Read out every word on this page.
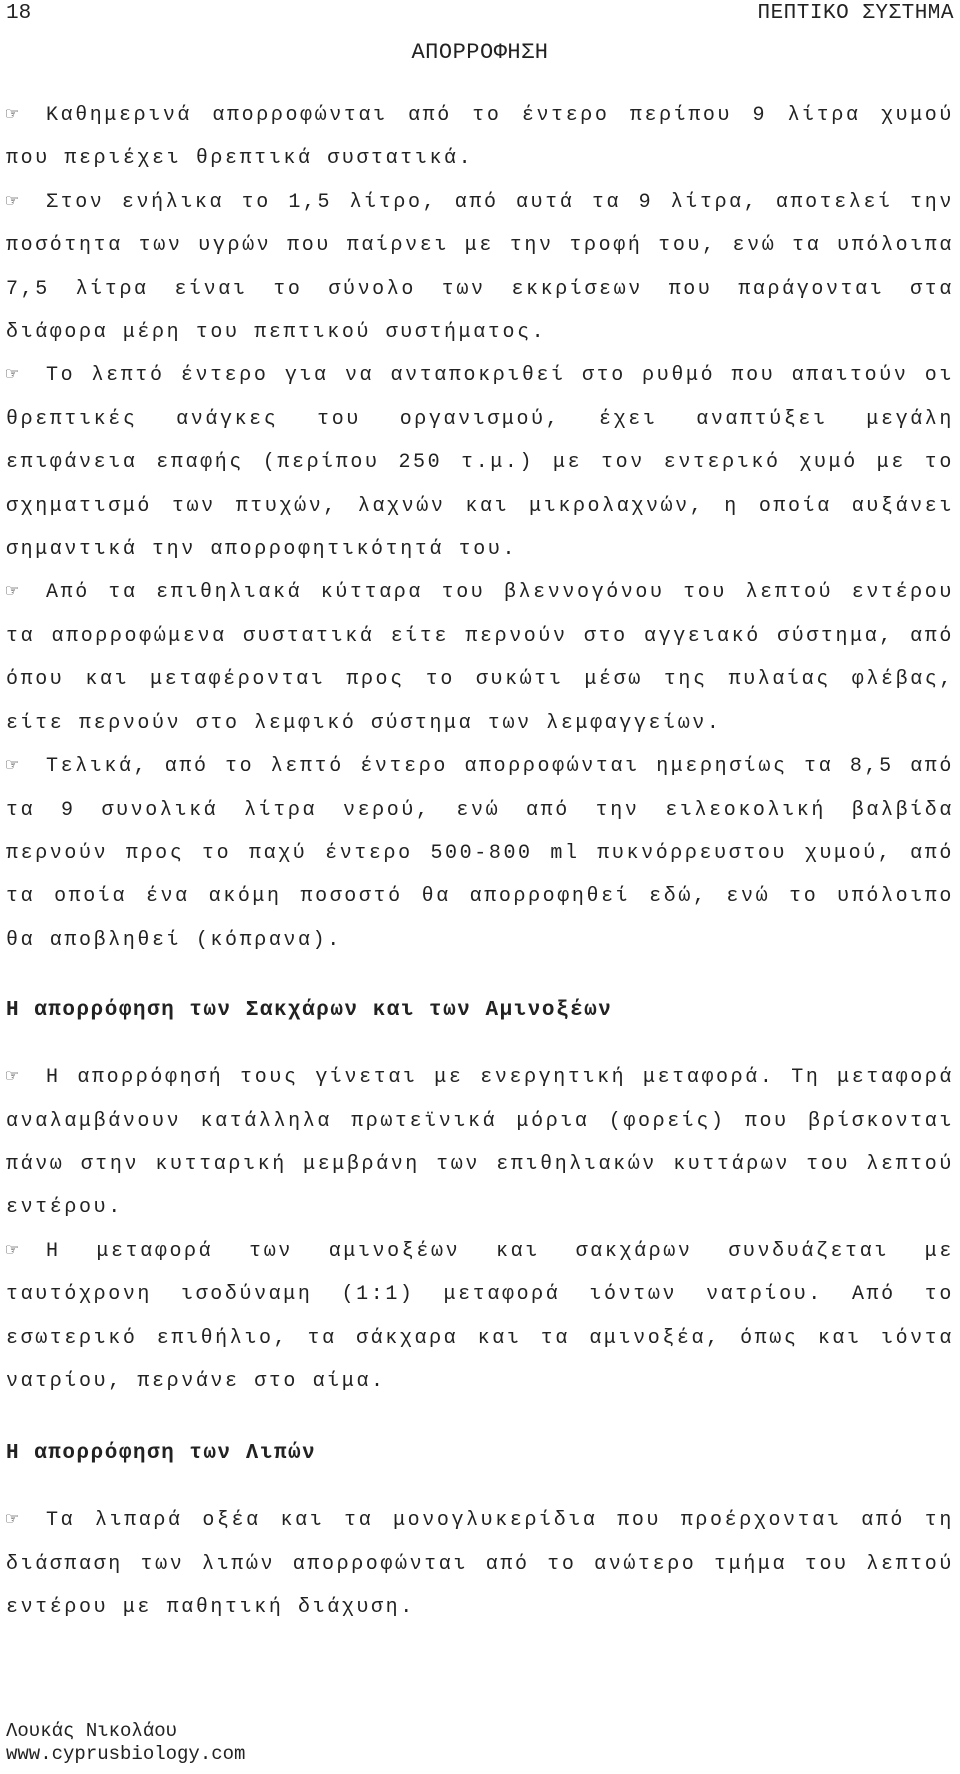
18	ΠΕΠΤΙΚΟ ΣΥΣΤΗΜΑ
ΑΠΟΡΡΟΦΗΣΗ

☞ Καθημερινά απορροφώνται από το έντερο περίπου 9 λίτρα χυμού που περιέχει θρεπτικά συστατικά.

☞ Στον ενήλικα το 1,5 λίτρο, από αυτά τα 9 λίτρα, αποτελεί την ποσότητα των υγρών που παίρνει με την τροφή του, ενώ τα υπόλοιπα 7,5 λίτρα είναι το σύνολο των εκκρίσεων που παράγονται στα διάφορα μέρη του πεπτικού συστήματος.

☞ Το λεπτό έντερο για να ανταποκριθεί στο ρυθμό που απαιτούν οι θρεπτικές ανάγκες του οργανισμού, έχει αναπτύξει μεγάλη επιφάνεια επαφής (περίπου 250 τ.μ.) με τον εντερικό χυμό με το σχηματισμό των πτυχών, λαχνών και μικρολαχνών, η οποία αυξάνει σημαντικά την απορροφητικότητά του.

☞ Από τα επιθηλιακά κύτταρα του βλεννογόνου του λεπτού εντέρου τα απορροφώμενα συστατικά είτε περνούν στο αγγειακό σύστημα, από όπου και μεταφέρονται προς το συκώτι μέσω της πυλαίας φλέβας, είτε περνούν στο λεμφικό σύστημα των λεμφαγγείων.

☞ Τελικά, από το λεπτό έντερο απορροφώνται ημερησίως τα 8,5 από τα 9 συνολικά λίτρα νερού, ενώ από την ειλεοκολική βαλβίδα περνούν προς το παχύ έντερο 500-800 ml πυκνόρρευστου χυμού, από τα οποία ένα ακόμη ποσοστό θα απορροφηθεί εδώ, ενώ το υπόλοιπο θα αποβληθεί (κόπρανα).

Η απορρόφηση των Σακχάρων και των Αμινοξέων

☞ Η απορρόφησή τους γίνεται με ενεργητική μεταφορά. Τη μεταφορά αναλαμβάνουν κατάλληλα πρωτεϊνικά μόρια (φορείς) που βρίσκονται πάνω στην κυτταρική μεμβράνη των επιθηλιακών κυττάρων του λεπτού εντέρου.

☞ Η μεταφορά των αμινοξέων και σακχάρων συνδυάζεται με ταυτόχρονη ισοδύναμη (1:1) μεταφορά ιόντων νατρίου. Από το εσωτερικό επιθήλιο, τα σάκχαρα και τα αμινοξέα, όπως και ιόντα νατρίου, περνάνε στο αίμα.

Η απορρόφηση των Λιπών

☞ Τα λιπαρά οξέα και τα μονογλυκερίδια που προέρχονται από τη διάσπαση των λιπών απορροφώνται από το ανώτερο τμήμα του λεπτού εντέρου με παθητική διάχυση.

Λουκάς Νικολάου
www.cyprusbiology.com
